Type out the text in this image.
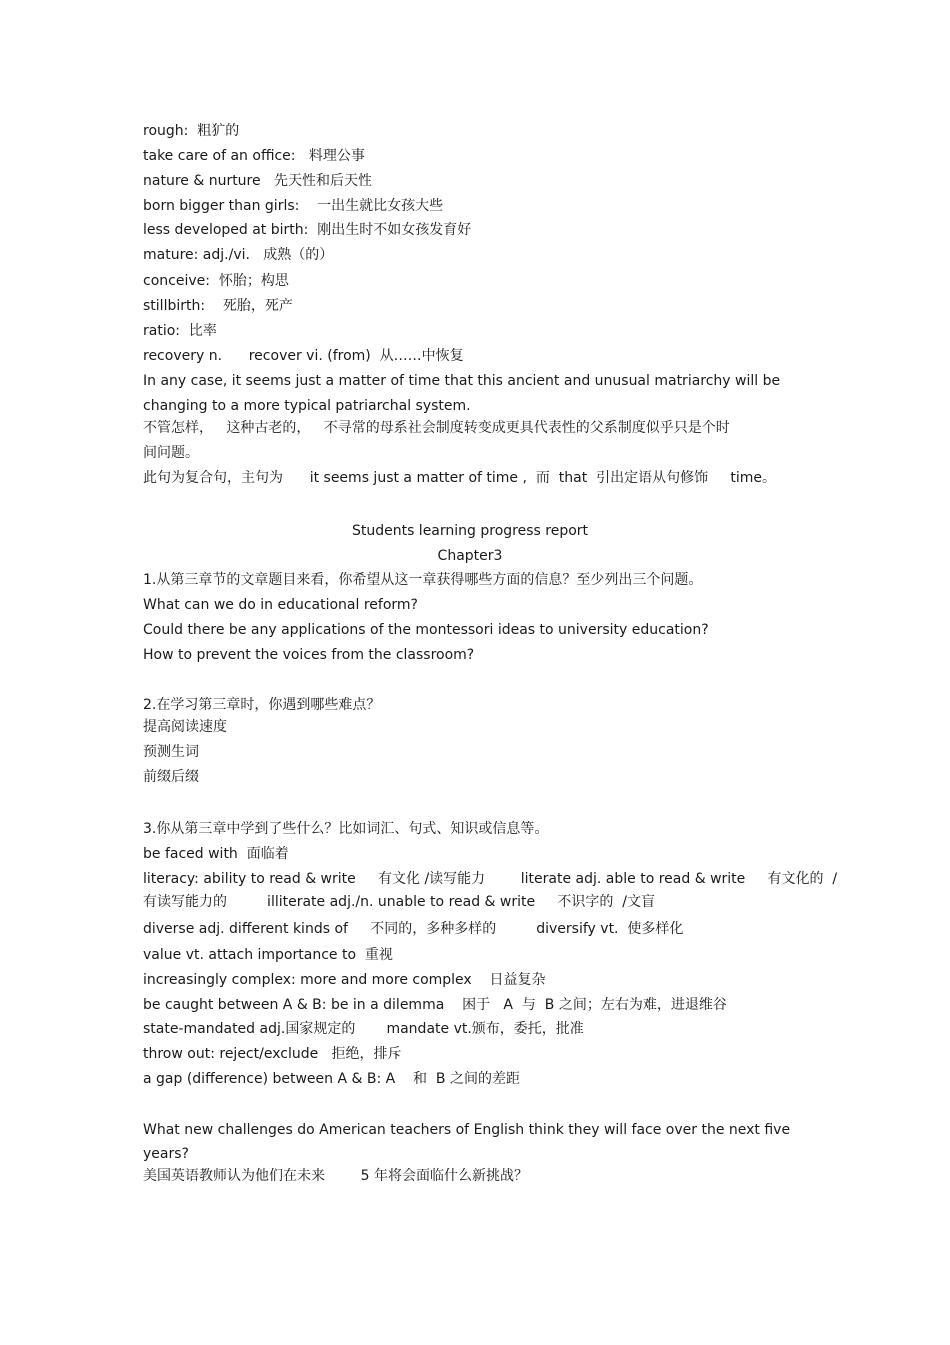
rough:  粗犷的
take care of an office:   料理公事
nature & nurture   先天性和后天性
born bigger than girls:    一出生就比女孩大些
less developed at birth:  刚出生时不如女孩发育好
mature: adj./vi.   成熟（的）
conceive:  怀胎；构思
stillbirth:    死胎，死产
ratio:  比率
recovery n.      recover vi. (from)  从……中恢复
In any case, it seems just a matter of time that this ancient and unusual matriarchy will be
changing to a more typical patriarchal system.
不管怎样，   这种古老的，   不寻常的母系社会制度转变成更具代表性的父系制度似乎只是个时
间问题。
此句为复合句，主句为      it seems just a matter of time ,  而  that  引出定语从句修饰     time。
Students learning progress report
Chapter3
1.从第三章节的文章题目来看，你希望从这一章获得哪些方面的信息？至少列出三个问题。
What can we do in educational reform?
Could there be any applications of the montessori ideas to university education?
How to prevent the voices from the classroom?
2.在学习第三章时，你遇到哪些难点？
提高阅读速度
预测生词
前缀后缀
3.你从第三章中学到了些什么？比如词汇、句式、知识或信息等。
be faced with  面临着
literacy: ability to read & write     有文化 /读写能力        literate adj. able to read & write     有文化的  /
有读写能力的         illiterate adj./n. unable to read & write     不识字的  /文盲
diverse adj. different kinds of     不同的，多种多样的         diversify vt.  使多样化
value vt. attach importance to  重视
increasingly complex: more and more complex    日益复杂
be caught between A & B: be in a dilemma    困于   A  与  B 之间；左右为难，进退维谷
state-mandated adj.国家规定的       mandate vt.颁布，委托，批准
throw out: reject/exclude   拒绝，排斥
a gap (difference) between A & B: A    和  B 之间的差距
What new challenges do American teachers of English think they will face over the next five
years?
美国英语教师认为他们在未来        5 年将会面临什么新挑战？
